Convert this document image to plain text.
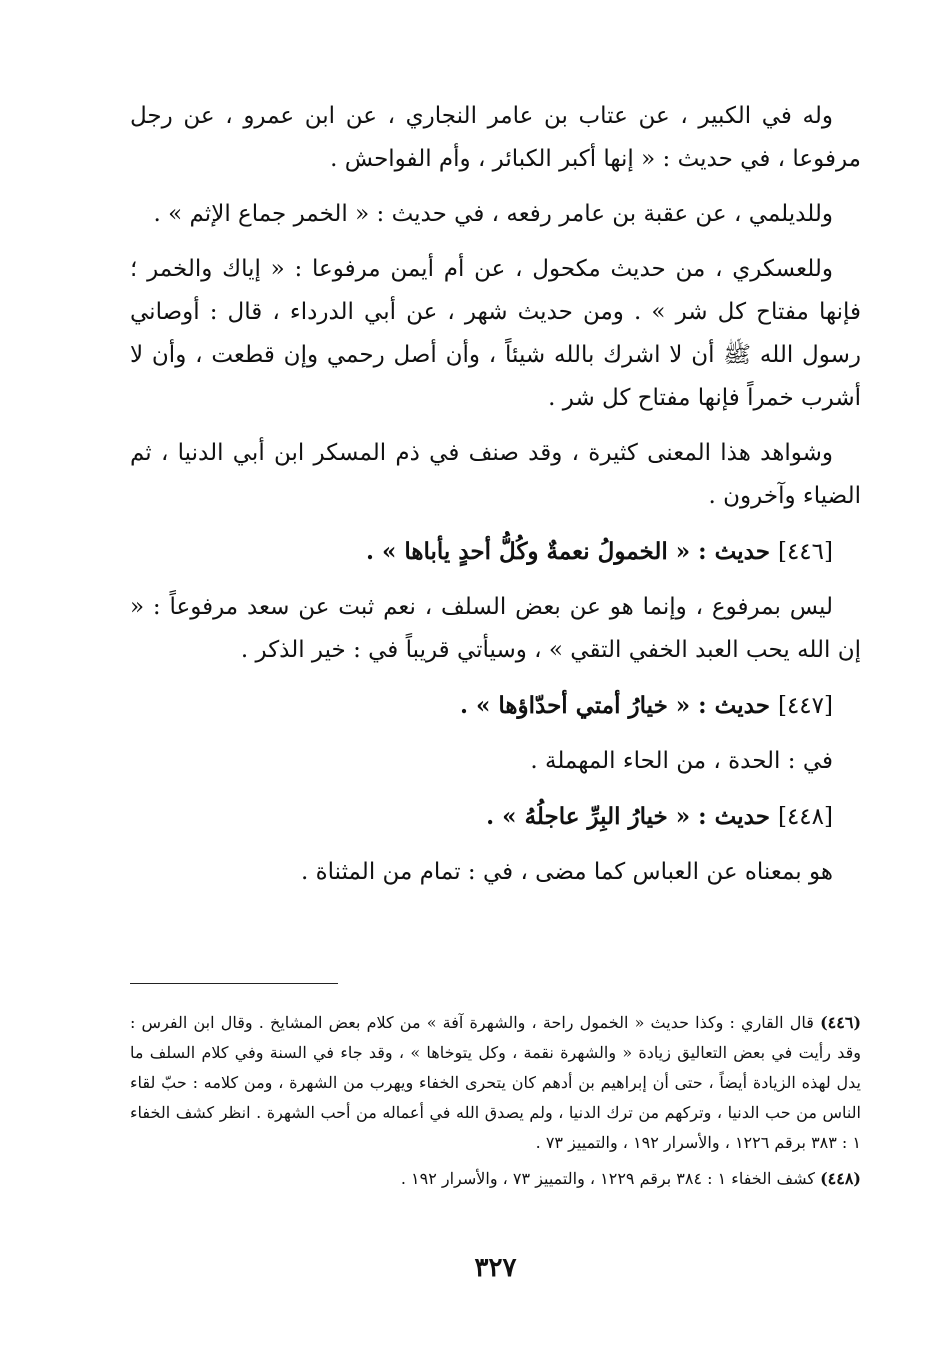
وله في الكبير ، عن عتاب بن عامر النجاري ، عن ابن عمرو ، عن رجل مرفوعا ، في حديث : « إنها أكبر الكبائر ، وأم الفواحش .

وللديلمي ، عن عقبة بن عامر رفعه ، في حديث : « الخمر جماع الإثم » .

وللعسكري ، من حديث مكحول ، عن أم أيمن مرفوعا : « إياك والخمر ؛ فإنها مفتاح كل شر » . ومن حديث شهر ، عن أبي الدرداء ، قال : أوصاني رسول الله ﷺ أن لا اشرك بالله شيئاً ، وأن أصل رحمي وإن قطعت ، وأن لا أشرب خمراً فإنها مفتاح كل شر .

وشواهد هذا المعنى كثيرة ، وقد صنف في ذم المسكر ابن أبي الدنيا ، ثم الضياء وآخرون .

[٤٤٦] حديث : « الخمولُ نعمةٌ وكُلُّ أحدٍ يأباها » .

ليس بمرفوع ، وإنما هو عن بعض السلف ، نعم ثبت عن سعد مرفوعاً : « إن الله يحب العبد الخفي التقي » ، وسيأتي قريباً في : خير الذكر .

[٤٤٧] حديث : « خيارُ أمتي أحدّاؤها » .

في : الحدة ، من الحاء المهملة .

[٤٤٨] حديث : « خيارُ البِرِّ عاجلُهُ » .

هو بمعناه عن العباس كما مضى ، في : تمام من المثناة .

(٤٤٦) قال القاري : وكذا حديث « الخمول راحة ، والشهرة آفة » من كلام بعض المشايخ . وقال ابن الفرس : وقد رأيت في بعض التعاليق زيادة « والشهرة نقمة ، وكل يتوخاها » ، وقد جاء في السنة وفي كلام السلف ما يدل لهذه الزيادة أيضاً ، حتى أن إبراهيم بن أدهم كان يتحرى الخفاء ويهرب من الشهرة ، ومن كلامه : حبّ لقاء الناس من حب الدنيا ، وتركهم من ترك الدنيا ، ولم يصدق الله في أعماله من أحب الشهرة . انظر كشف الخفاء ١ : ٣٨٣ برقم ١٢٢٦ ، والأسرار ١٩٢ ، والتمييز ٧٣ .

(٤٤٨) كشف الخفاء ١ : ٣٨٤ برقم ١٢٢٩ ، والتمييز ٧٣ ، والأسرار ١٩٢ .

٣٢٧
